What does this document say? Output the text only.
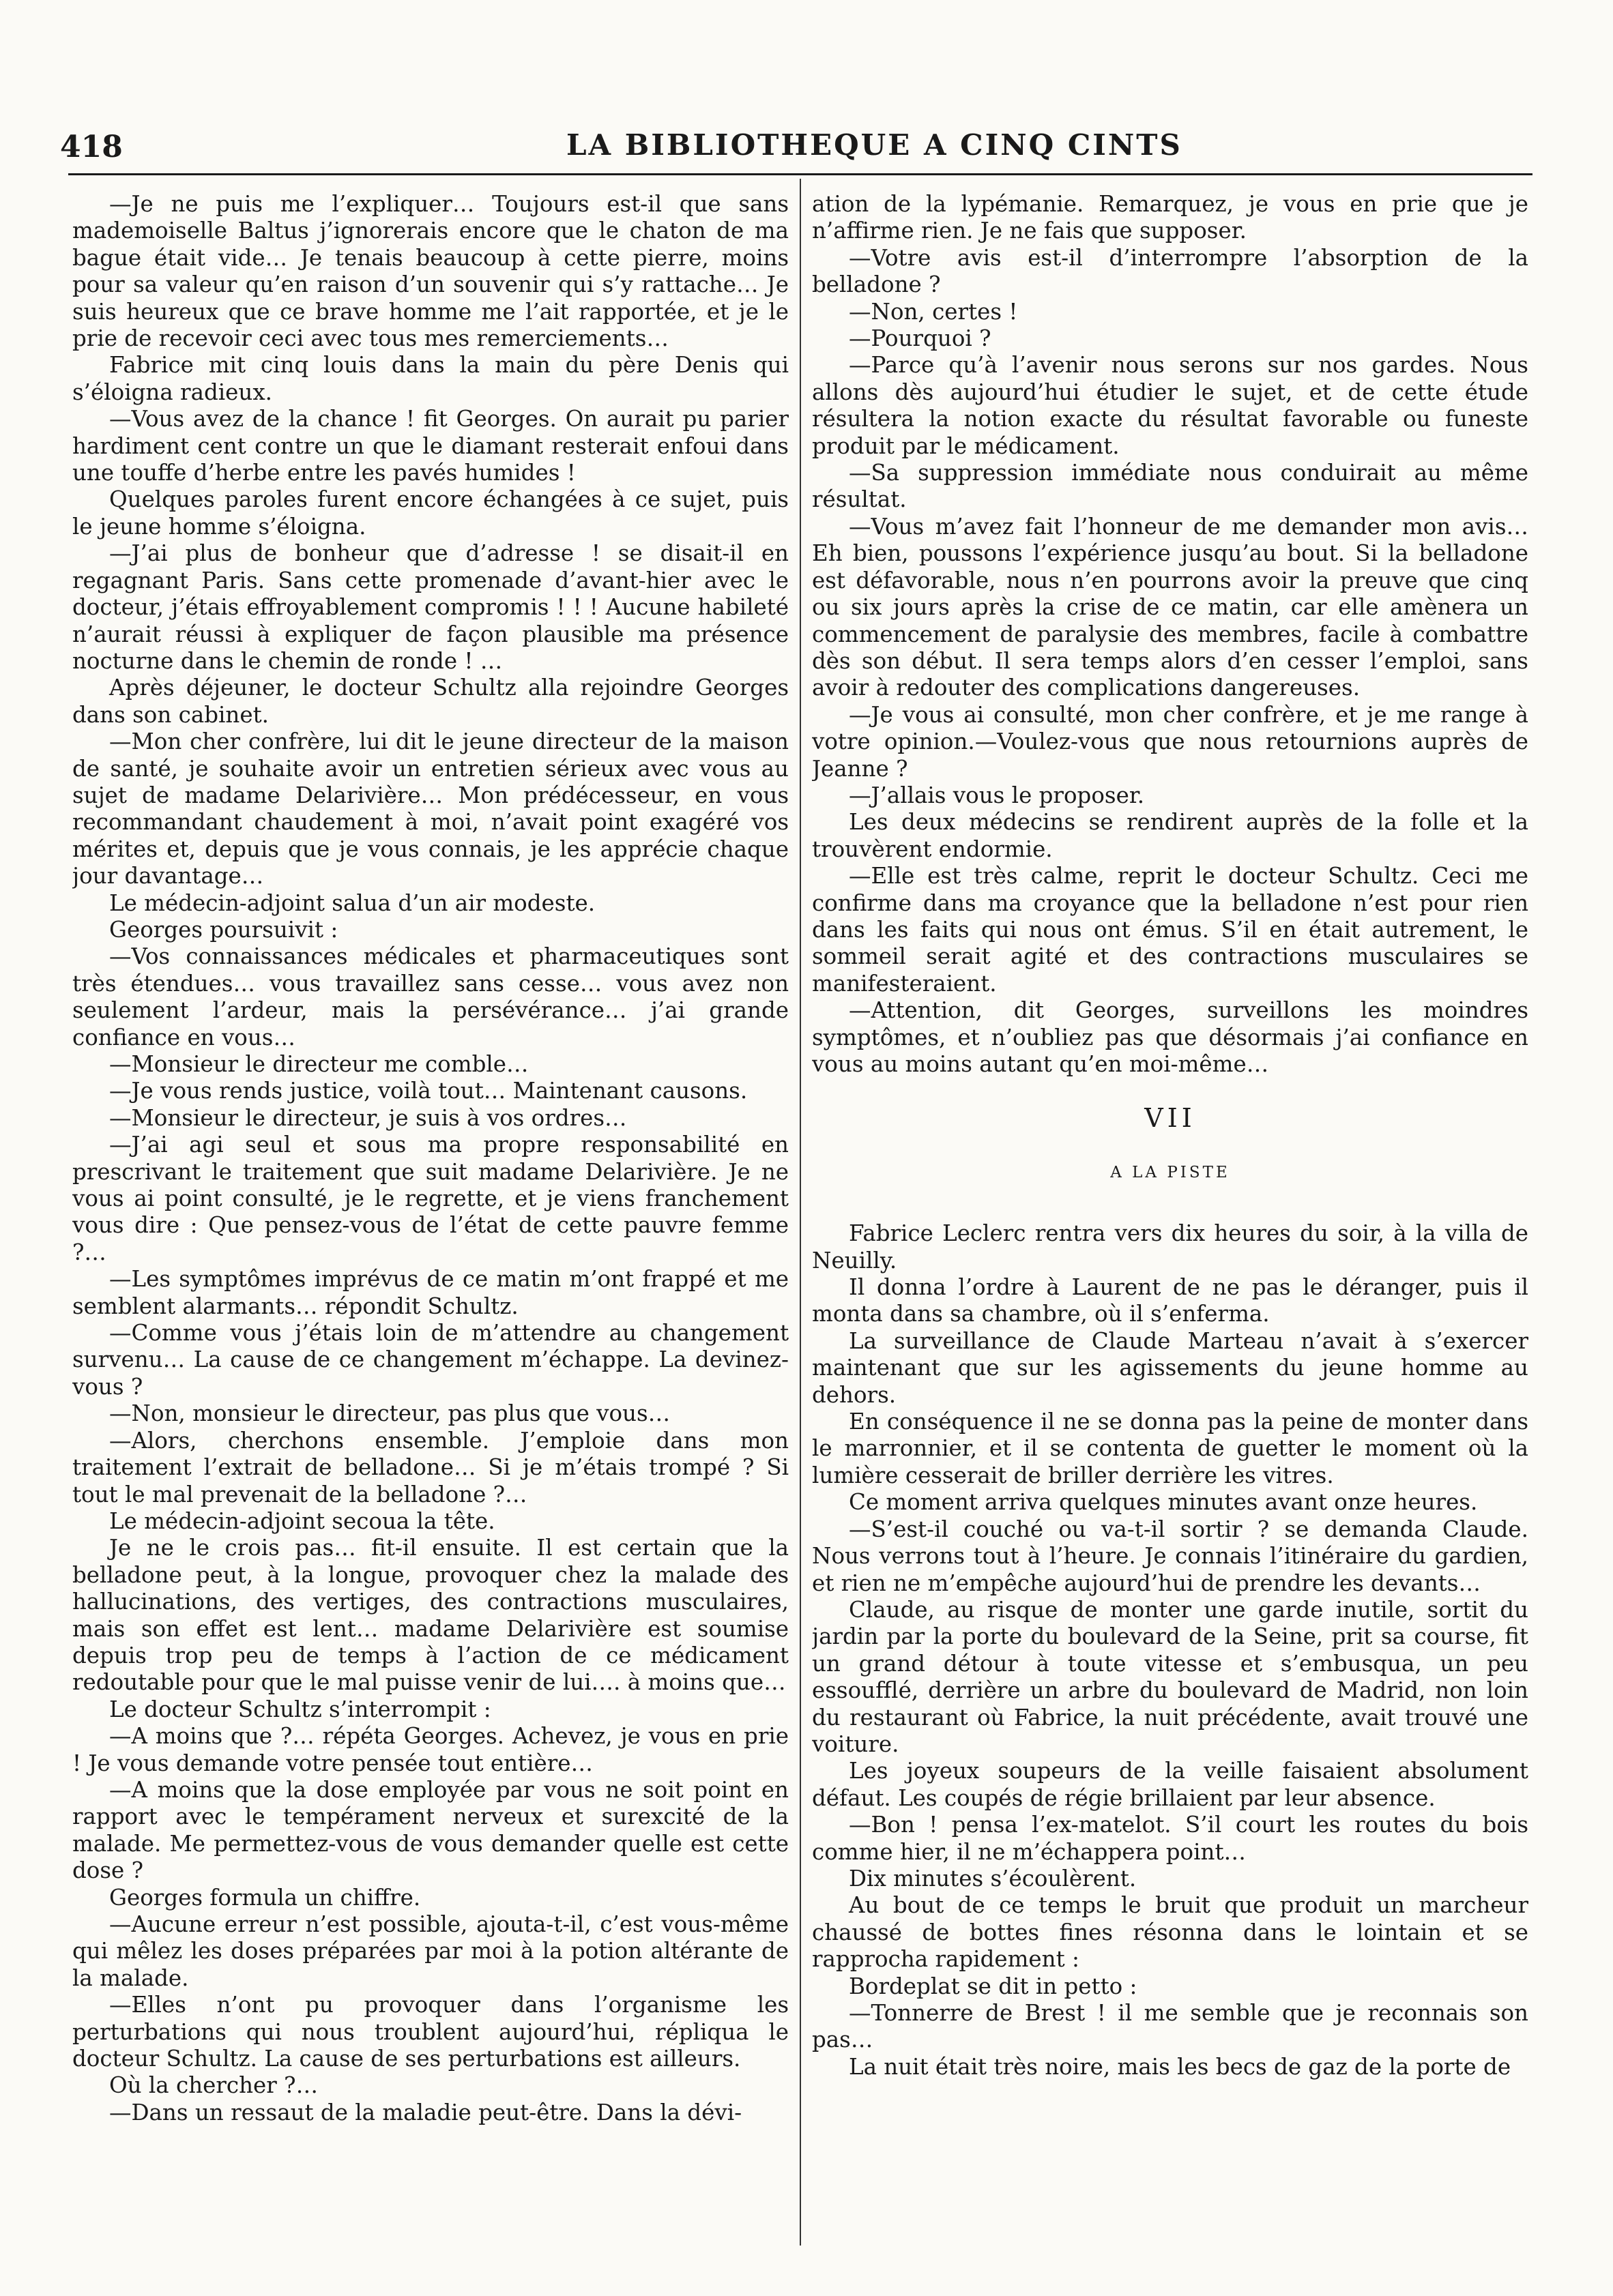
418	LA BIBLIOTHEQUE A CINQ CINTS

—Je ne puis me l’expliquer… Toujours est-il que sans mademoiselle Baltus j’ignorerais encore que le chaton de ma bague était vide… Je tenais beaucoup à cette pierre, moins pour sa valeur qu’en raison d’un souvenir qui s’y rattache… Je suis heureux que ce brave homme me l’ait rapportée, et je le prie de recevoir ceci avec tous mes remerciements…

Fabrice mit cinq louis dans la main du père Denis qui s’éloigna radieux.

—Vous avez de la chance ! fit Georges. On aurait pu parier hardiment cent contre un que le diamant resterait enfoui dans une touffe d’herbe entre les pavés humides !

Quelques paroles furent encore échangées à ce sujet, puis le jeune homme s’éloigna.

—J’ai plus de bonheur que d’adresse ! se disait-il en regagnant Paris. Sans cette promenade d’avant-hier avec le docteur, j’étais effroyablement compromis ! ! ! Aucune habileté n’aurait réussi à expliquer de façon plausible ma présence nocturne dans le chemin de ronde ! …

Après déjeuner, le docteur Schultz alla rejoindre Georges dans son cabinet.

—Mon cher confrère, lui dit le jeune directeur de la maison de santé, je souhaite avoir un entretien sérieux avec vous au sujet de madame Delarivière… Mon prédécesseur, en vous recommandant chaudement à moi, n’avait point exagéré vos mérites et, depuis que je vous connais, je les apprécie chaque jour davantage…

Le médecin-adjoint salua d’un air modeste.

Georges poursuivit :

—Vos connaissances médicales et pharmaceutiques sont très étendues… vous travaillez sans cesse… vous avez non seulement l’ardeur, mais la persévérance… j’ai grande confiance en vous…

—Monsieur le directeur me comble…

—Je vous rends justice, voilà tout… Maintenant causons.

—Monsieur le directeur, je suis à vos ordres…

—J’ai agi seul et sous ma propre responsabilité en prescrivant le traitement que suit madame Delarivière. Je ne vous ai point consulté, je le regrette, et je viens franchement vous dire : Que pensez-vous de l’état de cette pauvre femme ?…

—Les symptômes imprévus de ce matin m’ont frappé et me semblent alarmants… répondit Schultz.

—Comme vous j’étais loin de m’attendre au changement survenu… La cause de ce changement m’échappe. La devinez-vous ?

—Non, monsieur le directeur, pas plus que vous…

—Alors, cherchons ensemble. J’emploie dans mon traitement l’extrait de belladone… Si je m’étais trompé ? Si tout le mal prevenait de la belladone ?…

Le médecin-adjoint secoua la tête.

Je ne le crois pas… fit-il ensuite. Il est certain que la belladone peut, à la longue, provoquer chez la malade des hallucinations, des vertiges, des contractions musculaires, mais son effet est lent… madame Delarivière est soumise depuis trop peu de temps à l’action de ce médicament redoutable pour que le mal puisse venir de lui…. à moins que…

Le docteur Schultz s’interrompit :

—A moins que ?… répéta Georges. Achevez, je vous en prie ! Je vous demande votre pensée tout entière…

—A moins que la dose employée par vous ne soit point en rapport avec le tempérament nerveux et surexcité de la malade. Me permettez-vous de vous demander quelle est cette dose ?

Georges formula un chiffre.

—Aucune erreur n’est possible, ajouta-t-il, c’est vous-même qui mêlez les doses préparées par moi à la potion altérante de la malade.

—Elles n’ont pu provoquer dans l’organisme les perturbations qui nous troublent aujourd’hui, répliqua le docteur Schultz. La cause de ses perturbations est ailleurs.

Où la chercher ?…

—Dans un ressaut de la maladie peut-être. Dans la dévi-

ation de la lypémanie. Remarquez, je vous en prie que je n’affirme rien. Je ne fais que supposer.

—Votre avis est-il d’interrompre l’absorption de la belladone ?

—Non, certes !

—Pourquoi ?

—Parce qu’à l’avenir nous serons sur nos gardes. Nous allons dès aujourd’hui étudier le sujet, et de cette étude résultera la notion exacte du résultat favorable ou funeste produit par le médicament.

—Sa suppression immédiate nous conduirait au même résultat.

—Vous m’avez fait l’honneur de me demander mon avis… Eh bien, poussons l’expérience jusqu’au bout. Si la belladone est défavorable, nous n’en pourrons avoir la preuve que cinq ou six jours après la crise de ce matin, car elle amènera un commencement de paralysie des membres, facile à combattre dès son début. Il sera temps alors d’en cesser l’emploi, sans avoir à redouter des complications dangereuses.

—Je vous ai consulté, mon cher confrère, et je me range à votre opinion.—Voulez-vous que nous retournions auprès de Jeanne ?

—J’allais vous le proposer.

Les deux médecins se rendirent auprès de la folle et la trouvèrent endormie.

—Elle est très calme, reprit le docteur Schultz. Ceci me confirme dans ma croyance que la belladone n’est pour rien dans les faits qui nous ont émus. S’il en était autrement, le sommeil serait agité et des contractions musculaires se manifesteraient.

—Attention, dit Georges, surveillons les moindres symptômes, et n’oubliez pas que désormais j’ai confiance en vous au moins autant qu’en moi-même…

VII
A LA PISTE

Fabrice Leclerc rentra vers dix heures du soir, à la villa de Neuilly.

Il donna l’ordre à Laurent de ne pas le déranger, puis il monta dans sa chambre, où il s’enferma.

La surveillance de Claude Marteau n’avait à s’exercer maintenant que sur les agissements du jeune homme au dehors.

En conséquence il ne se donna pas la peine de monter dans le marronnier, et il se contenta de guetter le moment où la lumière cesserait de briller derrière les vitres.

Ce moment arriva quelques minutes avant onze heures.

—S’est-il couché ou va-t-il sortir ? se demanda Claude. Nous verrons tout à l’heure. Je connais l’itinéraire du gardien, et rien ne m’empêche aujourd’hui de prendre les devants…

Claude, au risque de monter une garde inutile, sortit du jardin par la porte du boulevard de la Seine, prit sa course, fit un grand détour à toute vitesse et s’embusqua, un peu essoufflé, derrière un arbre du boulevard de Madrid, non loin du restaurant où Fabrice, la nuit précédente, avait trouvé une voiture.

Les joyeux soupeurs de la veille faisaient absolument défaut. Les coupés de régie brillaient par leur absence.

—Bon ! pensa l’ex-matelot. S’il court les routes du bois comme hier, il ne m’échappera point…

Dix minutes s’écoulèrent.

Au bout de ce temps le bruit que produit un marcheur chaussé de bottes fines résonna dans le lointain et se rapprocha rapidement :

Bordeplat se dit in petto :

—Tonnerre de Brest ! il me semble que je reconnais son pas…

La nuit était très noire, mais les becs de gaz de la porte de
